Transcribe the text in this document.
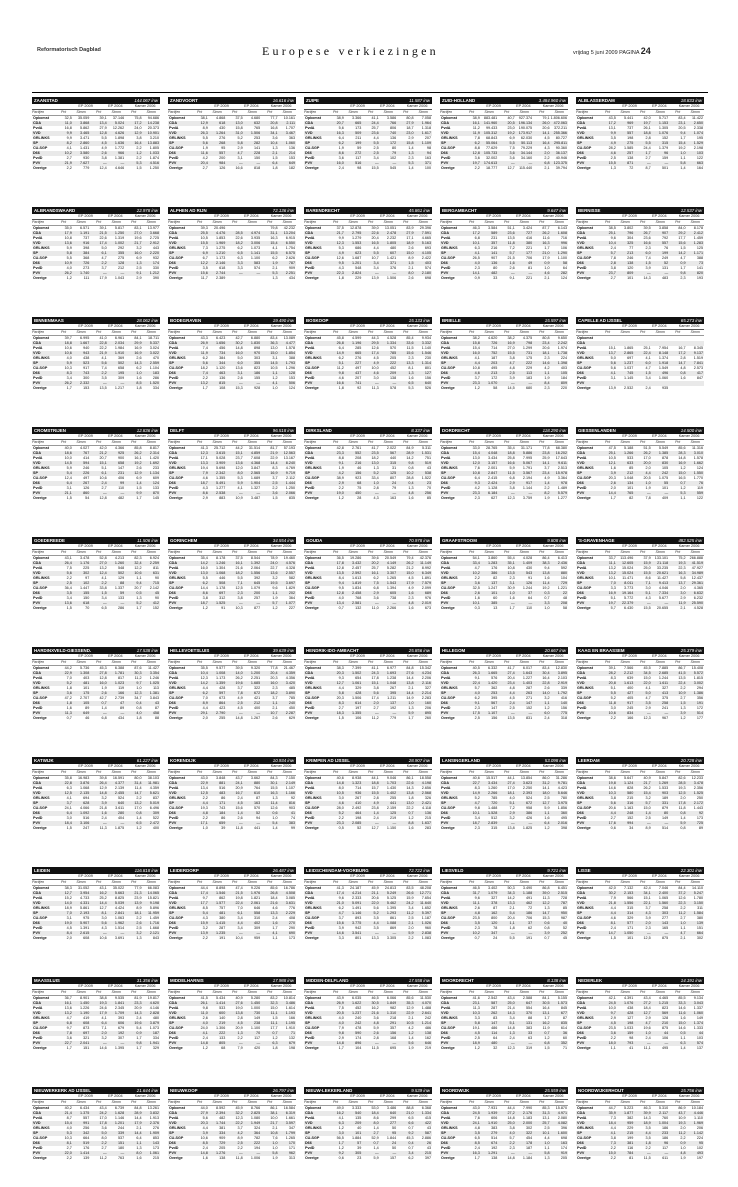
Reformatorisch Dagblad	Europese verkiezingen	vrijdag 5 juni 2009 PAGINA 24
ZAANSTAD	144.067 inw
EP 2009	EP 2004	Kamer 2006
Partijen	Pct	Stmm	Pct	Stmm	Pct	Stmm
Opkomst	32,5	35.059	39,1	37.146	75,8	94.686
CDA	11,0	3.868	13,4	5.024	17,2	14.238
PvdA	16,8	5.862	27,9	12.262	24,0	20.373
VVD	9,9	3.465	12,8	4.626	12,9	10.901
GRLINKS	9,9	3.471	5,5	1.898	3,8	3.210
SP	8,2	2.860	4,5	1.636	16,4	13.883
CU-SGP	4,1	1.431	4,9	1.772	2,2	1.805
D66	10,2	3.580	2,6	966	1,2	1.033
PvdD	2,7	930	3,8	1.381	2,2	1.874
PVV	21,9	7.627	—	—	5,3	4.516
Overige	2,2	779	12,4	4.646	1,5	1.250
ZANDVOORT	16.616 inw
EP 2009	EP 2004	Kamer 2006
Partijen	Pct	Stmm	Pct	Stmm	Pct	Stmm
Opkomst	38,1	4.868	37,5	4.680	77,7	10.161
CDA	12,9	618	13,0	632	20,8	2.111
PvdA	8,9	430	15,8	765	16,8	1.707
VVD	26,3	1.264	31,0	1.506	34,1	3.467
GRLINKS	5,5	276	5,2	253	3,6	363
SP	5,6	268	5,8	282	10,4	1.060
CU-SGP	1,9	95	2,9	141	1,3	136
D66	11,6	557	4,7	228	2,1	214
PvdD	4,2	200	3,1	150	1,5	153
PVV	20,4	984	—	—	6,4	649
Overige	2,7	126	16,6	818	1,8	182
ZUIPE	11.587 inw
EP 2009	EP 2004	Kamer 2006
Partijen	Pct	Stmm	Pct	Stmm	Pct	Stmm
Opkomst	38,9	3.366	41,1	3.586	80,8	7.058
CDA	20,7	665	24,4	766	27,9	1.964
PvdA	5,6	173	25,7	806	18,7	1.318
VVD	16,3	509	23,6	740	23,0	1.617
GRLINKS	6,4	211	4,4	136	2,9	207
SP	6,2	199	5,5	172	15,8	1.109
CU-SGP	1,9	59	2,5	80	1,4	98
D66	8,6	272	2,5	79	1,3	94
PvdD	3,6	117	3,4	102	2,3	163
PVV	16,0	516	—	—	5,3	371
Overige	2,4	98	15,5	545	1,4	100
ZUID-HOLLAND	3.484.960 inw
EP 2009	EP 2004	Kamer 2006
Partijen	Pct	Stmm	Pct	Stmm	Pct	Stmm
Opkomst	38,9	883.481	40,7	927.374	79,1 1.806.606
CDA	16,1	141.960	20,5	196.134	26,0	472.063
PvdA	11,2	99.433	23,0	190.075	20,6	372.211
VVD	11,9	105.312	19,2	173.917	14,1	255.366
GRLINKS	7,8	68.843	6,9	62.030	4,5	80.727
SP	6,2	55.064	5,5	50.113	16,4	295.811
CU-SGP	8,8	77.629	7,5	79.229	4,3	90.360
D66	12,8	105.733	3,6	34.144	2,0	36.137
PvdD	3,6	32.002	3,6	34.160	2,2	40.946
PVV	19,7	174.613	—	—	6,8	123.375
Overige	2,2	18.777	12,7	115.440	2,1	39.794
ALBLASSERDAM	18.833 inw
EP 2009	EP 2004	Kamer 2006
Partijen	Pct	Stmm	Pct	Stmm	Pct	Stmm
Opkomst	43,5	5.441	42,0	5.717	83,4	11.422
CDA	17,2	969	19,7	1.153	23,1	2.650
PvdA	13,1	737	26,1	1.305	20,5	2.338
VVD	9,9	557	18,8	1.076	9,4	1.074
GRLINKS	3,5	198	2,8	152	1,7	195
SP	4,9	275	5,5	315	15,4	1.529
CU-SGP	28,2	1.585	24,4	1.379	19,2	2.198
D66	4,6	257	1,7	96	1,0	103
PvdD	2,5	138	2,7	159	1,1	122
PVV	15,5	871	—	—	5,8	663
Overige	1,3	72	8,7	501	1,4	164
ALBRANDSWAARD	22.978 inw
EP 2009	EP 2004	Kamer 2006
Partijen	Pct	Stmm	Pct	Stmm	Pct	Stmm
Opkomst	35,0	6.571	39,1	5.817	83,1	13.977
CDA	17,9	1.191	21,5	1.250	27,0	3.668
PvdA	10,8	737	22,6	1.319	19,6	2.725
VVD	13,6	916	17,4	1.002	21,7	2.912
GRLINKS	5,9	398	5,0	292	3,2	443
SP	5,8	384	6,1	355	16,0	2.220
CU-SGP	5,5	368	4,7	275	6,9	932
D66	10,9	726	2,2	128	1,3	174
PvdD	4,0	273	3,7	212	2,5	330
PVV	26,2	1.740	—	—	9,1	1.212
Overige	1,2	111	17,9	1.043	2,9	390
ALPHEN AD RIJN	72.136 inw
EP 2009	EP 2004	Kamer 2006
Partijen	Pct	Stmm	Pct	Stmm	Pct	Stmm
Opkomst	39,3	20.496	79,8	42.232
CDA	25,5	4.476	28,5	4.974	31,1	13.204
PvdA	10,5	1.853	22,6	3.935	16,3	6.915
VVD	15,5	1.969	18,2	3.006	15,4	6.550
GRLINKS	7,3	1.275	6,2	1.073	4,1	1.754
SP	6,9	1.210	6,5	1.141	15,5	6.575
CU-SGP	6,7	1.173	6,3	1.100	6,2	2.626
D66	12,2	2.146	3,3	583	1,9	787
PvdD	3,5	618	3,3	574	2,1	909
PVV	15,6	2.744	—	—	5,3	2.251
Overige	11,7	2.389	1,3	434
BARENDRECHT	45.861 inw
EP 2009	EP 2004	Kamer 2006
Partijen	Pct	Stmm	Pct	Stmm	Pct	Stmm
Opkomst	37,5	12.878	39,0	13.051	83,9	29.396
CDA	21,7	2.795	22,6	2.478	27,9	7.591
PvdA	9,9	1.279	20,4	2.232	17,1	4.665
VVD	12,3	1.553	16,5	1.805	18,9	5.163
GRLINKS	5,3	686	4,4	480	2,6	693
SP	4,9	623	5,5	607	15,0	4.105
CU-SGP	12,6	1.687	10,7	1.421	8,9	2.422
D66	9,5	1.201	3,4	371	1,5	403
PvdD	4,3	548	3,4	376	2,1	574
PVV	22,3	2.824	—	—	8,0	2.180
Overige	1,8	229	13,9	1.506	2,6	698
BERGAMBACHT	9.647 inw
EP 2009	EP 2004	Kamer 2006
Partijen	Pct	Stmm	Pct	Stmm	Pct	Stmm
Opkomst	46,3	3.584	51,1	3.424	87,7	6.143
CDA	17,2	589	23,6	727	26,2	1.608
PvdA	6,8	231	13,5	416	11,6	716
VVD	10,1	357	11,8	380	16,3	996
GRLINKS	6,3	216	7,2	221	1,7	106
SP	4,1	141	5,7	177	21,0	1.290
CU-SGP	26,5	907	21,5	706	17,9	1.100
D66	4,0	136	1,6	49	0,9	58
PvdD	2,3	80	2,6	81	1,0	64
PVV	14,1	482	—	—	4,6	282
Overige	0,9	33	9,1	221	2,1	124
BERNISSE	12.537 inw
EP 2009	EP 2004	Kamer 2006
Partijen	Pct	Stmm	Pct	Stmm	Pct	Stmm
Opkomst	38,5	3.802	39,5	3.858	84,0	8.178
CDA	25,1	796	26,7	907	29,2	2.412
PvdA	9,6	304	23,6	792	17,7	1.459
VVD	10,4	325	16,6	557	15,6	1.283
GRLINKS	2,4	77	2,3	76	1,5	125
SP	5,7	213	6,0	199	14,2	1.171
CU-SGP	7,8	246	7,4	249	4,7	388
D66	2,8	138	1,5	52	0,9	73
PvdD	3,8	120	3,9	131	1,7	141
PVV	23,7	809	—	—	9,8	820
Overige	2,7	101	14,3	483	2,3	193
BINNENMAAS	28.062 inw
EP 2009	EP 2004	Kamer 2006
Partijen	Pct	Stmm	Pct	Stmm	Pct	Stmm
Opkomst	39,7	6.995	41,0	6.961	84,1	18.711
CDA	18,8	1.667	22,8	2.034	29,9	5.337
PvdA	10,6	940	22,2	1.984	16,9	3.024
VVD	10,6	943	21,9	1.910	16,9	3.022
GRLINKS	4,0	438	4,1	369	2,6	470
SP	5,9	523	5,6	502	14,3	2.559
CU-SGP	10,3	917	7,4	658	6,2	1.104
D66	8,3	743	2,2	195	1,0	183
PvdD	3,4	300	3,5	309	1,6	286
PVV	26,2	2.332	—	—	8,5	1.520
Overige	1,7	153	13,5	1.217	1,8	334
BODEGRAVEN	19.490 inw
EP 2009	EP 2004	Kamer 2006
Partijen	Pct	Stmm	Pct	Stmm	Pct	Stmm
Opkomst	43,3	6.423	42,7	6.880	83,4	13.089
CDA	26,9	1.656	30,2	1.830	36,3	4.477
PvdA	7,4	456	14,8	898	13,0	1.578
VVD	11,9	734	16,0	970	15,0	1.854
GRLINKS	6,2	384	5,0	303	3,1	388
SP	5,6	344	6,0	355	14,5	1.793
CU-SGP	18,2	1.120	13,6	823	10,5	1.296
D66	7,4	463	3,1	186	1,1	128
PvdD	2,2	136	2,6	155	1,2	153
PVV	13,2	815	—	—	4,1	506
Overige	1,7	108	15,3	928	1,0	124
BOSKOOP	15.133 inw
EP 2009	EP 2004	Kamer 2006
Partijen	Pct	Stmm	Pct	Stmm	Pct	Stmm
Opkomst	45,8	4.599	44,3	4.528	85,4	9.934
CDA	26,8	1.196	29,5	1.334	33,6	3.332
PvdA	6,4	285	12,6	570	11,5	1.140
VVD	14,9	665	17,4	785	15,6	1.546
GRLINKS	6,2	276	4,5	205	2,3	230
SP	5,1	227	4,9	222	13,3	1.314
CU-SGP	11,2	497	10,0	452	8,1	801
D66	9,8	437	4,6	209	1,3	127
PvdD	4,6	207	3,0	138	1,6	156
PVV	16,6	741	—	—	6,5	640
Overige	1,8	92	11,3	578	5,3	526
BRIELLE	15.597 inw
EP 2009	EP 2004	Kamer 2006
Partijen	Pct	Stmm	Pct	Stmm	Pct	Stmm
Opkomst	38,2	4.620	38,2	4.375	80,8	9.650
CDA	15,8	726	16,9	798	23,4	2.242
PvdA	15,4	714	27,0	1.299	20,6	1.974
VVD	16,0	752	15,5	731	18,1	1.738
GRLINKS	4,1	187	3,8	175	2,3	224
SP	4,4	203	4,7	222	14,6	1.398
CU-SGP	10,8	495	4,8	229	4,2	403
D66	4,6	213	2,5	113	1,1	105
PvdD	3,7	172	3,9	183	1,9	184
PVV	23,3	1.070	—	—	8,4	809
Overige	1,2	58	14,5	680	2,3	220
CAPELLE AD IJSSEL	65.273 inw
EP 2009	EP 2004	Kamer 2006
Partijen	Pct	Stmm	Pct	Stmm	Pct	Stmm
Opkomst
CDA
PvdA	15,1	1.865	25,1	7.954	16,7	8.345
VVD	13,7	2.865	22,4	8.148	17,2	9.137
GRLINKS	5,0	697	4,1	1.374	2,8	1.519
SP	5,6	1.237	6,0	1.918	14,7	7.841
CU-SGP	5,6	1.037	4,7	1.549	4,8	2.573
D66	4,1	745	1,5	496	0,8	417
PvdD	3,1	1.145	3,4	1.060	1,6	847
PVV
Overige	13,9	2.532	2,4	935
CROMSTRIJEN	12.836 inw
EP 2009	EP 2004	Kamer 2006
Partijen	Pct	Stmm	Pct	Stmm	Pct	Stmm
Opkomst	40,0	4.027	42,0	4.366	85,8	8.817
CDA	18,6	767	21,2	925	26,2	2.314
PvdA	10,0	414	20,7	900	16,1	1.420
VVD	14,5	594	15,1	658	19,2	1.692
GRLINKS	5,9	246	5,1	147	2,6	233
SP	5,4	226	6,1	231	12,9	1.134
CU-SGP	12,4	497	10,6	406	6,9	609
D66	6,4	267	2,4	99	1,4	124
PvdD	3,1	126	2,7	110	1,5	133
PVV	21,1	860	—	—	9,9	870
Overige	1,5	54	12,8	482	1,7	145
DELFT	96.518 inw
EP 2009	EP 2004	Kamer 2006
Partijen	Pct	Stmm	Pct	Stmm	Pct	Stmm
Opkomst	41,3	25.712	44,2	31.514	81,7	57.193
CDA	12,3	3.615	15,1	4.859	21,9	12.563
PvdA	17,1	5.028	23,7	7.608	22,9	13.167
VVD	13,3	3.909	13,6	4.368	14,4	8.240
GRLINKS	19,4	5.698	12,0	3.847	8,3	4.769
SP	7,9	2.342	8,0	2.565	16,9	9.719
CU-SGP	4,6	1.355	5,3	1.689	3,7	2.112
D66	18,7	5.491	5,9	1.904	2,5	1.444
PvdD	4,3	1.277	4,1	1.327	2,2	1.250
PVV	8,6	2.538	—	—	3,6	2.066
Overige	2,9	883	10,9	3.487	1,5	835
DIRKSLAND	8.337 inw
EP 2009	EP 2004	Kamer 2006
Partijen	Pct	Stmm	Pct	Stmm	Pct	Stmm
Opkomst	42,8	2.761	41,7	2.022	84,9	5.311
CDA	23,3	552	23,5	567	28,9	1.531
PvdA	8,8	208	18,2	440	14,2	751
VVD	9,1	216	13,0	315	9,8	519
GRLINKS	1,9	46	1,3	31	0,8	43
SP	4,2	156	5,2	125	10,2	538
CU-SGP	38,9	923	33,4	807	28,8	1.522
D66	2,9	68	1,0	24	0,4	23
PvdD	2,2	75	2,8	79	1,3	70
PVV	19,0	450	—	—	4,8	256
Overige	1,2	28	4,3	163	1,6	85
DORDRECHT	118.290 inw
EP 2009	EP 2004	Kamer 2006
Partijen	Pct	Stmm	Pct	Stmm	Pct	Stmm
Opkomst	33,0	28.765	35,4	31.171	77,8	68.380
CDA	15,4	4.048	18,8	5.886	23,8	16.202
PvdA	13,0	3.434	25,8	7.995	25,9	17.643
VVD	12,0	3.157	16,6	5.067	14,1	9.611
GRLINKS	7,6	2.001	5,9	1.791	3,7	2.513
SP	10,8	2.847	11,5	3.567	23,4	15.978
CU-SGP	6,4	2.415	6,8	2.194	4,9	3.364
D66	9,3	2.424	2,9	917	1,4	978
PvdD	4,2	1.128	3,8	1.144	2,2	1.489
PVV	23,3	6.184	—	—	8,2	5.579
Overige	2,3	627	12,3	3.759	1,9	1.277
GIESSENLANDEN	14.500 inw
EP 2009	EP 2004	Kamer 2006
Partijen	Pct	Stmm	Pct	Stmm	Pct	Stmm
Opkomst	47,5	5.188	51,5	5.549	85,6	11.316
CDA	25,1	1.266	26,2	1.385	28,3	3.010
PvdA	10,5	533	17,0	878	14,8	1.578
VVD	12,1	633	20,0	830	16,9	1.662
GRLINKS	1,6	85	2,0	105	1,2	124
SP	3,9	212	4,4	242	15,0	1.550
CU-SGP	20,3	1.048	20,5	1.075	16,5	1.770
D66	2,6	134	1,0	55	0,7	76
PvdD	2,0	101	1,9	101	1,2	119
PVV	14,4	765	—	—	5,3	559
Overige	1,7	82	7,8	409	1,1	122
GOEDEREEDE	11.506 inw
EP 2009	EP 2004	Kamer 2006
Partijen	Pct	Stmm	Pct	Stmm	Pct	Stmm
Opkomst	43,1	3.478	52,8	4.213	82,3	6.924
CDA	26,4	1.176	27,0	1.260	32,4	2.259
PvdA	7,5	225	13,2	548	12,2	811
VVD	5,6	302	12,4	502	10,6	631
GRLINKS	2,2	97	4,1	129	1,1	90
SP	2,5	102	2,2	88	9,4	715
CU-SGP	36,4	1.447	33,8	1.337	20,7	2.142
D66	3,5	155	1,5	59	0,5	45
PvdD	3,4	150	3,4	133	1,3	90
PVV	13,6	618	—	—	5,2	412
Overige	1,5	70	6,5	286	1,7	152
GORINCHEM	34.554 inw
EP 2009	EP 2004	Kamer 2006
Partijen	Pct	Stmm	Pct	Stmm	Pct	Stmm
Opkomst	35,4	8.178	37,5	8.544	78,9	19.460
CDA	14,2	1.246	16,1	1.392	24,0	4.576
PvdA	16,0	1.304	21,6	2.064	22,7	4.328
VVD	13,0	1.068	18,2	1.556	13,6	2.557
GRLINKS	5,5	446	5,5	392	3,2	582
SP	6,2	508	7,1	645	19,5	3.697
CU-SGP	14,4	1.178	12,5	1.079	9,6	1.829
D66	8,6	697	2,3	200	1,1	202
PvdD	3,8	312	3,8	257	1,9	364
PVV	18,7	1.525	—	—	5,7	1.077
Overige	1,2	91	10,3	877	1,2	227
GOUDA	70.978 inw
EP 2009	EP 2004	Kamer 2006
Partijen	Pct	Stmm	Pct	Stmm	Pct	Stmm
Opkomst	36,5	19.286	39,6	20.549	79,4	42.376
CDA	17,8	3.432	20,2	4.149	26,2	11.149
PvdA	12,8	2.457	25,7	5.282	21,2	8.992
VVD	13,5	2.592	16,1	3.307	15,0	6.349
GRLINKS	8,4	1.613	6,2	1.265	4,5	1.891
SP	9,4	1.819	7,5	1.543	17,9	7.579
CU-SGP	9,5	1.834	6,8	1.394	4,9	2.099
D66	12,8	2.458	2,9	605	1,6	689
PvdD	4,0	768	3,6	738	2,3	976
PVV	13,4	2.581	—	—	4,8	2.019
Overige	0,7	132	11,0	2.266	1,6	673
GRAAFSTROOM	9.808 inw
EP 2009	EP 2004	Kamer 2006
Partijen	Pct	Stmm	Pct	Stmm	Pct	Stmm
Opkomst	54,1	3.860	55,4	4.028	86,4	6.413
CDA	33,4	1.283	35,1	1.409	38,3	2.436
PvdA	4,7	176	10,8	430	9,4	592
VVD	10,2	386	13,5	543	13,8	880
GRLINKS	2,2	82	2,3	91	1,6	104
SP	3,6	137	3,1	126	11,4	729
CU-SGP	32,5	1.247	30,9	1.244	19,2	1.221
D66	2,6	101	1,0	37	0,3	22
PvdD	1,6	60	1,6	64	0,7	48
PVV	10,1	385	—	—	3,3	208
Overige	0,3	13	1,7	110	1,0	58
'S-GRAVENHAGE	482.525 inw
EP 2009	EP 2004	Kamer 2006
Partijen	Pct	Stmm	Pct	Stmm	Pct	Stmm
Opkomst	33,7	113.496	37,9	133.101	75,2	266.888
CDA	11,1	12.605	15,9	21.118	19,3	41.519
PvdA	13,2	15.024	25,0	33.235	22,3	47.927
VVD	13,2	15.024	15,5	20.621	16,3	34.989
GRLINKS	10,1	11.471	8,6	11.427	5,8	12.437
SP	7,0	8.011	7,1	9.413	13,7	29.361
CU-SGP	3,3	3.773	3,0	4.046	2,0	4.365
D66	16,9	19.164	5,1	7.334	3,0	6.632
PvdD	5,1	5.772	4,3	5.677	2,9	6.232
PVV	19,7	22.379	—	—	11,9	25.590
Overige	5,7	6.430	15,5	20.655	2,1	4.528
HARDINXVELD-GIESSEND.	17.538 inw
EP 2009	EP 2004	Kamer 2006
Partijen	Pct	Stmm	Pct	Stmm	Pct	Stmm
Opkomst	44,2	5.736	45,3	6.388	87,6	11.427
CDA	22,9	1.308	27,8	1.781	30,3	3.354
PvdA	7,0	403	12,8	817	11,2	1.246
VVD	5,2	481	16,0	1.023	9,7	1.025
GRLINKS	1,8	101	1,9	119	1,0	113
SP	3,6	175	2,6	166	12,3	1.381
CU-SGP	47,2	2.707	42,7	2.739	34,7	3.843
D66	1,8	105	0,7	47	0,4	43
PvdD	1,6	89	1,4	89	0,8	87
PVV	11,3	649	—	—	4,0	458
Overige	0,7	46	6,8	434	1,8	88
HELLEVOETSLUIS	39.639 inw
EP 2009	EP 2004	Kamer 2006
Partijen	Pct	Stmm	Pct	Stmm	Pct	Stmm
Opkomst	35,5	9.577	39,5	9.320	77,8	21.467
CDA	10,4	1.008	14,0	1.200	20,4	4.359
PvdA	12,3	1.173	26,2	2.251	20,3	4.356
VVD	14,2	1.359	19,6	1.685	16,0	3.420
GRLINKS	4,4	428	3,7	322	2,3	485
SP	6,2	597	7,8	672	18,2	3.890
CU-SGP	7,0	673	4,9	421	3,7	785
D66	8,9	864	2,5	212	1,1	240
PvdD	4,4	423	4,5	400	2,1	450
PVV	29,1	2.790	—	—	10,7	2.287
Overige	2,0	255	14,8	1.267	2,6	629
HENDRIK-IDO-AMBACHT	25.856 inw
EP 2009	EP 2004	Kamer 2006
Partijen	Pct	Stmm	Pct	Stmm	Pct	Stmm
Opkomst	38,3	7.399	41,1	6.977	84,8	15.342
CDA	20,3	1.502	24,3	1.693	27,6	4.234
PvdA	9,3	654	17,8	1.238	14,4	2.206
VVD	12,7	1.061	15,1	1.048	13,8	2.116
GRLINKS	4,4	329	3,8	267	2,1	327
SP	5,8	428	5,6	395	14,4	2.214
CU-SGP	20,3	1.506	17,4	1.211	14,9	2.283
D66	8,3	614	2,0	137	1,0	160
PvdD	2,7	197	2,7	192	1,3	206
PVV	18,3	1.355	—	—	5,9	895
Overige	1,5	106	11,2	779	1,7	260
HILLEGOM	20.667 inw
EP 2009	EP 2004	Kamer 2006
Partijen	Pct	Stmm	Pct	Stmm	Pct	Stmm
Opkomst	40,5	6.332	41,7	6.017	83,4	12.830
CDA	26,3	1.665	27,4	1.643	30,4	3.895
PvdA	9,1	576	20,4	1.227	16,4	2.103
VVD	22,4	1.420	23,4	1.403	22,8	2.919
GRLINKS	5,7	362	4,8	287	2,6	339
SP	4,0	253	4,4	263	14,0	1.792
CU-SGP	6,2	395	4,5	271	3,2	416
D66	9,1	567	2,4	147	1,1	140
PvdD	2,3	147	2,5	152	1,2	156
PVV	17,5	1.107	—	—	6,0	775
Overige	2,5	156	13,5	831	2,4	318
KAAG EN BRAASSEM	25.379 inw
EP 2009	EP 2004	Kamer 2006
Partijen	Pct	Stmm	Pct	Stmm	Pct	Stmm
Opkomst	39,1	7.566	45,5	7.885	86,7	15.408
CDA	28,2	2.212	34,5	2.685	41,5	5.572
PvdA	8,3	639	15,0	1.244	13,5	1.815
VVD	20,8	1.613	22,0	1.611	22,4	3.002
GRLINKS	5,1	400	4,1	327	2,2	294
SP	5,5	427	5,0	413	10,9	1.386
CU-SGP	5,2	405	4,7	375	2,7	356
D66	11,8	917	3,5	258	1,5	191
PvdD	3,0	245	2,9	241	1,3	172
PVV	10,6	834	—	—	3,9	514
Overige	2,2	166	12,3	967	1,2	177
KATWIJK	61.227 inw
EP 2009	EP 2004	Kamer 2006
Partijen	Pct	Stmm	Pct	Stmm	Pct	Stmm
Opkomst	35,8	16.983	39,8	16.591	80,0	38.103
CDA	22,8	3.876	26,4	4.377	31,4	11.981
PvdA	6,3	1.068	12,9	2.139	11,4	4.359
VVD	12,5	2.135	14,8	2.455	14,7	5.621
GRLINKS	4,1	694	3,2	524	2,2	837
SP	3,7	628	3,9	640	13,2	5.019
CU-SGP	24,1	4.066	21,8	3.611	17,0	6.496
D66	6,4	1.092	1,6	280	0,8	309
PvdD	3,0	516	2,4	404	1,4	522
PVV	18,4	3.106	—	—	6,5	2.472
Overige	1,5	247	11,3	1.875	1,2	400
KORENDIJK	10.934 inw
EP 2009	EP 2004	Kamer 2006
Partijen	Pct	Stmm	Pct	Stmm	Pct	Stmm
Opkomst	43,0	3.848	43,7	3.662	84,3	7.150
CDA	22,9	881	24,1	880	30,1	2.149
PvdA	13,4	516	20,9	764	15,5	1.107
VVD	12,5	483	16,7	610	16,3	1.166
GRLINKS	2,2	86	2,4	87	1,3	92
SP	4,4	171	4,5	163	11,4	816
CU-SGP	19,3	743	15,6	570	12,6	903
D66	4,8	184	1,4	52	0,6	41
PvdD	2,2	86	2,6	94	1,0	74
PVV	17,1	659	—	—	5,4	383
Overige	1,0	39	11,8	441	1,4	99
KRIMPEN AD IJSSEL	28.907 inw
EP 2009	EP 2004	Kamer 2006
Partijen	Pct	Stmm	Pct	Stmm	Pct	Stmm
Opkomst	40,6	8.938	44,1	9.046	86,1	18.558
CDA	14,8	1.323	18,8	1.703	22,6	4.198
PvdA	8,0	714	15,7	1.430	14,3	2.656
VVD	10,5	936	15,5	1.402	13,8	2.568
GRLINKS	3,0	267	2,8	255	1,8	326
SP	4,6	410	4,9	441	13,0	2.421
CU-SGP	28,0	2.492	23,8	2.159	22,2	4.118
D66	5,2	464	1,4	125	0,7	136
PvdD	2,2	198	2,4	219	1,2	215
PVV	23,3	2.085	—	—	8,8	1.637
Overige	0,5	52	12,7	1.150	1,6	283
LANSINGERLAND	53.098 inw
EP 2009	EP 2004	Kamer 2006
Partijen	Pct	Stmm	Pct	Stmm	Pct	Stmm
Opkomst	40,6	15.517	44,1	13.854	86,0	31.286
CDA	22,7	3.434	27,4	3.623	31,2	9.781
PvdA	8,3	1.260	17,0	2.250	14,1	4.423
VVD	14,9	2.266	18,1	2.393	18,0	5.646
GRLINKS	5,2	785	4,0	524	2,5	780
SP	4,7	720	5,1	672	12,7	3.975
CU-SGP	9,8	1.488	7,2	958	5,9	1.856
D66	10,1	1.528	2,9	386	1,1	360
PvdD	3,4	512	3,2	426	1,6	495
PVV	18,7	2.839	—	—	6,4	2.016
Overige	2,3	315	13,8	1.825	1,2	398
LEERDAM	20.728 inw
EP 2009	EP 2004	Kamer 2006
Partijen	Pct	Stmm	Pct	Stmm	Pct	Stmm
Opkomst	38,6	5.647	40,9	5.847	82,6	12.233
CDA	19,8	1.124	21,7	1.269	28,5	3.478
PvdA	14,6	828	26,2	1.533	19,3	2.356
VVD	10,3	580	15,4	903	12,5	1.525
GRLINKS	3,8	215	3,2	189	2,0	250
SP	5,6	316	5,7	331	17,8	2.172
CU-SGP	20,6	1.163	15,0	879	11,8	1.443
D66	4,4	248	1,4	80	0,8	92
PvdD	2,7	152	2,5	149	1,4	173
PVV	17,6	994	—	—	5,9	725
Overige	0,6	34	8,9	514	0,8	89
LEIDEN	116.818 inw
EP 2009	EP 2004	Kamer 2006
Partijen	Pct	Stmm	Pct	Stmm	Pct	Stmm
Opkomst	38,3	31.052	43,1	35.022	77,9	66.083
CDA	12,7	3.954	16,2	5.663	21,3	14.065
PvdA	15,2	4.733	25,2	8.825	23,9	15.821
VVD	14,0	4.331	14,4	5.039	13,9	9.198
GRLINKS	18,9	5.861	12,7	4.424	8,9	5.896
SP	7,0	2.193	8,1	2.841	18,1	11.959
CU-SGP	3,1	975	3,0	1.063	2,2	1.459
D66	19,0	5.907	5,6	1.962	2,6	1.716
PvdD	4,5	1.391	4,3	1.514	2,5	1.668
PVV	8,4	2.615	—	—	3,2	2.121
Overige	2,0	608	10,6	3.691	1,3	843
LEIDERDORP	26.487 inw
EP 2009	EP 2004	Kamer 2006
Partijen	Pct	Stmm	Pct	Stmm	Pct	Stmm
Opkomst	44,4	8.898	47,4	9.226	85,6	16.786
CDA	17,4	1.546	21,5	1.976	26,8	4.508
PvdA	9,7	862	19,8	1.821	18,4	3.085
VVD	17,7	1.577	22,4	2.061	21,6	3.631
GRLINKS	8,5	757	7,0	646	4,6	776
SP	5,4	481	6,1	558	13,3	2.229
CU-SGP	4,3	380	3,4	310	2,4	408
D66	15,9	1.415	4,4	402	1,6	270
PvdD	3,2	287	3,4	309	1,7	290
PVV	13,9	1.235	—	—	4,1	690
Overige	2,2	191	10,4	959	1,1	173
LEIDSCHENDAM-VOORBURG	72.722 inw
EP 2009	EP 2004	Kamer 2006
Partijen	Pct	Stmm	Pct	Stmm	Pct	Stmm
Opkomst	41,3	24.187	45,9	24.813	83,5	48.208
CDA	17,4	4.214	21,1	5.249	26,6	12.771
PvdA	9,6	2.333	20,6	5.125	15,9	7.654
VVD	21,0	5.091	22,0	5.462	24,2	11.640
GRLINKS	6,2	1.491	5,6	1.395	3,4	1.652
SP	4,7	1.146	5,2	1.293	11,2	5.397
CU-SGP	3,7	893	3,5	861	2,5	1.187
D66	15,6	3.775	4,4	1.088	2,1	1.026
PvdD	3,9	942	3,5	869	2,0	960
PVV	14,6	3.541	—	—	5,9	2.838
Overige	3,3	801	13,3	3.305	2,2	1.083
LIESVELD	9.721 inw
EP 2009	EP 2004	Kamer 2006
Partijen	Pct	Stmm	Pct	Stmm	Pct	Stmm
Opkomst	46,5	3.402	50,3	3.490	86,8	6.451
CDA	31,7	1.079	34,3	1.188	39,0	2.515
PvdA	9,6	327	14,2	491	11,3	728
VVD	11,1	378	13,3	462	12,2	787
GRLINKS	2,6	87	2,1	72	1,3	85
SP	4,8	162	5,4	186	14,7	950
CU-SGP	23,5	800	20,4	706	15,3	987
D66	3,5	120	1,1	37	0,6	40
PvdD	2,3	78	1,8	62	0,8	52
PVV	10,2	347	—	—	3,9	252
Overige	0,7	24	5,5	191	0,7	45
LISSE	22.301 inw
EP 2009	EP 2004	Kamer 2006
Partijen	Pct	Stmm	Pct	Stmm	Pct	Stmm
Opkomst	42,0	7.132	42,4	7.046	84,4	14.110
CDA	30,2	2.153	34,1	2.400	37,2	5.247
PvdA	7,9	566	15,1	1.065	12,6	1.780
VVD	21,8	1.556	22,1	1.560	22,3	3.150
GRLINKS	4,4	315	3,7	258	2,2	311
SP	4,4	314	4,3	303	11,2	1.584
CU-SGP	4,6	329	3,9	277	2,7	380
D66	8,1	577	2,0	143	1,0	139
PvdD	2,4	171	2,3	165	1,1	151
PVV	14,7	1.050	—	—	4,7	664
Overige	1,5	101	12,5	875	2,1	302
MAASSLUIS	31.356 inw
EP 2009	EP 2004	Kamer 2006
Partijen	Pct	Stmm	Pct	Stmm	Pct	Stmm
Opkomst	36,7	8.901	38,8	9.535	81,9	19.817
CDA	16,1	1.450	19,3	1.841	23,3	4.620
PvdA	13,6	1.226	24,6	2.345	20,9	4.146
VVD	13,2	1.190	17,9	1.709	14,3	2.828
GRLINKS	4,7	419	4,1	393	2,4	480
SP	6,8	608	6,4	606	19,6	3.879
CU-SGP	9,7	873	7,1	679	5,4	1.073
D66	7,8	697	2,0	192	0,9	187
PvdD	3,6	321	3,2	307	1,7	334
PVV	22,7	2.041	—	—	9,8	1.941
Overige	1,7	151	14,6	1.395	1,7	329
MIDDELHARNIS	17.988 inw
EP 2009	EP 2004	Kamer 2006
Partijen	Pct	Stmm	Pct	Stmm	Pct	Stmm
Opkomst	41,5	5.434	40,9	5.280	83,2	10.814
CDA	26,1	1.414	27,6	1.450	32,3	3.486
PvdA	9,8	533	19,0	1.000	15,0	1.614
VVD	11,0	600	13,8	730	11,1	1.193
GRLINKS	2,6	140	2,8	149	1,5	166
SP	4,0	219	4,5	238	11,1	1.195
CU-SGP	24,0	1.306	20,9	1.100	17,7	1.910
D66	4,1	222	1,3	70	0,7	71
PvdD	2,4	133	2,2	117	1,2	132
PVV	14,8	805	—	—	6,3	679
Overige	1,2	68	7,9	420	1,8	198
MIDDEN-DELFLAND	17.558 inw
EP 2009	EP 2004	Kamer 2006
Partijen	Pct	Stmm	Pct	Stmm	Pct	Stmm
Opkomst	43,9	6.035	46,5	6.066	85,6	11.530
CDA	26,9	1.622	30,5	1.849	35,3	4.070
PvdA	7,5	452	16,2	982	12,9	1.488
VVD	20,5	1.237	21,6	1.310	22,9	2.641
GRLINKS	4,0	240	3,6	218	2,1	242
SP	4,0	242	4,8	291	10,5	1.214
CU-SGP	7,9	478	5,9	357	4,2	486
D66	9,8	590	2,6	156	1,2	138
PvdD	2,9	174	2,8	168	1,4	162
PVV	14,8	896	—	—	5,6	646
Overige	1,7	104	11,5	695	1,9	219
MOORDRECHT	8.138 inw
EP 2009	EP 2004	Kamer 2006
Partijen	Pct	Stmm	Pct	Stmm	Pct	Stmm
Opkomst	41,6	2.542	43,4	2.588	84,1	5.155
CDA	23,1	587	25,0	647	30,5	1.573
PvdA	11,3	287	21,4	554	16,4	845
VVD	10,3	262	14,3	370	13,1	677
GRLINKS	3,3	83	3,4	88	1,7	87
SP	5,8	147	5,1	131	16,2	835
CU-SGP	19,1	486	14,8	383	11,9	614
D66	4,5	114	1,3	33	0,7	36
PvdD	2,5	64	2,4	63	1,2	60
PVV	18,9	480	—	—	6,8	352
Overige	1,2	32	12,3	319	1,5	71
NEDERLEK	14.191 inw
EP 2009	EP 2004	Kamer 2006
Partijen	Pct	Stmm	Pct	Stmm	Pct	Stmm
Opkomst	42,1	4.391	43,4	4.465	85,5	9.134
CDA	24,5	1.076	27,2	1.215	33,3	3.043
PvdA	10,0	438	18,4	823	14,6	1.337
VVD	9,7	428	12,7	569	11,6	1.060
GRLINKS	2,9	127	2,9	128	1,6	149
SP	4,5	198	4,7	210	15,0	1.374
CU-SGP	23,5	1.033	19,6	875	14,6	1.333
D66	3,6	159	1,0	44	0,5	44
PvdD	2,2	98	2,4	106	1,1	103
PVV	18,0	793	—	—	6,3	574
Overige	1,1	41	11,1	495	1,4	137
NIEUWERKERK AD IJSSEL	21.644 inw
EP 2009	EP 2004	Kamer 2006
Partijen	Pct	Stmm	Pct	Stmm	Pct	Stmm
Opkomst	40,2	6.434	43,4	6.739	84,8	13.261
CDA	21,4	1.375	24,2	1.628	28,9	3.832
PvdA	8,7	557	17,0	1.146	14,4	1.913
VVD	15,4	991	17,8	1.201	17,9	2.376
GRLINKS	4,0	256	3,6	244	2,1	276
SP	5,3	342	5,0	339	14,4	1.909
CU-SGP	10,3	664	8,0	537	6,4	853
D66	8,1	519	2,2	151	1,1	143
PvdD	2,7	176	2,7	180	1,3	173
PVV	22,0	1.414	—	—	8,0	1.061
Overige	2,2	139	11,2	763	1,6	215
NIEUWKOOP	26.797 inw
EP 2009	EP 2004	Kamer 2006
Partijen	Pct	Stmm	Pct	Stmm	Pct	Stmm
Opkomst	44,0	8.592	45,9	8.766	86,1	16.584
CDA	27,9	2.394	32,2	2.825	38,1	6.319
PvdA	5,6	482	12,3	1.080	10,0	1.661
VVD	20,3	1.744	22,2	1.949	21,7	3.597
GRLINKS	4,4	381	3,7	324	2,1	347
SP	3,9	334	4,2	364	10,8	1.799
CU-SGP	10,6	909	8,9	782	7,6	1.265
D66	8,5	729	2,5	222	1,0	170
PvdD	2,4	205	2,2	194	1,0	171
PVV	14,8	1.276	—	—	5,8	962
Overige	1,6	138	11,8	1.006	1,9	313
NIEUW-LEKKERLAND	9.539 inw
EP 2009	EP 2004	Kamer 2006
Partijen	Pct	Stmm	Pct	Stmm	Pct	Stmm
Opkomst	49,0	3.333	53,0	3.486	88,8	6.368
CDA	16,2	540	18,4	640	21,0	1.334
PvdA	4,1	135	8,6	299	6,5	415
VVD	6,3	209	8,0	277	6,6	422
GRLINKS	1,2	40	1,4	50	0,7	43
SP	3,0	101	2,7	95	9,2	587
CU-SGP	56,5	1.884	52,9	1.844	45,3	2.886
D66	1,7	57	0,7	24	0,4	26
PvdD	1,2	39	1,4	50	0,7	43
PVV	9,2	305	—	—	3,4	215
Overige	0,6	23	5,9	157	6,2	397
NOORDWIJK	25.559 inw
EP 2009	EP 2004	Kamer 2006
Partijen	Pct	Stmm	Pct	Stmm	Pct	Stmm
Opkomst	43,0	7.931	44,4	7.990	85,3	15.870
CDA	24,5	1.939	27,2	2.176	31,3	4.971
PvdA	7,6	606	14,8	1.183	13,1	2.080
VVD	24,1	1.910	25,0	2.000	25,7	4.082
GRLINKS	4,8	383	3,8	302	2,5	396
SP	3,5	279	4,0	322	10,1	1.600
CU-SGP	6,5	514	5,7	454	4,4	698
D66	8,5	674	2,2	178	1,0	163
PvdD	2,4	192	2,3	187	1,1	174
PVV	16,3	1.291	—	—	5,8	919
Overige	1,7	138	14,8	1.184	1,3	205
NOORDWIJKERHOUT	15.756 inw
EP 2009	EP 2004	Kamer 2006
Partijen	Pct	Stmm	Pct	Stmm	Pct	Stmm
Opkomst	44,7	5.223	46,3	5.310	86,9	10.184
CDA	35,9	1.877	39,9	2.117	43,7	4.446
PvdA	7,3	382	14,3	760	10,9	1.110
VVD	18,4	959	18,9	1.004	19,3	1.969
GRLINKS	4,4	229	3,5	186	2,0	206
SP	4,1	215	4,4	233	11,2	1.142
CU-SGP	3,8	199	3,5	186	2,2	224
D66	7,3	381	1,8	96	0,9	95
PvdD	2,2	116	2,2	117	1,0	102
PVV	15,0	784	—	—	4,8	493
Overige	2,2	81	11,5	611	1,9	197
